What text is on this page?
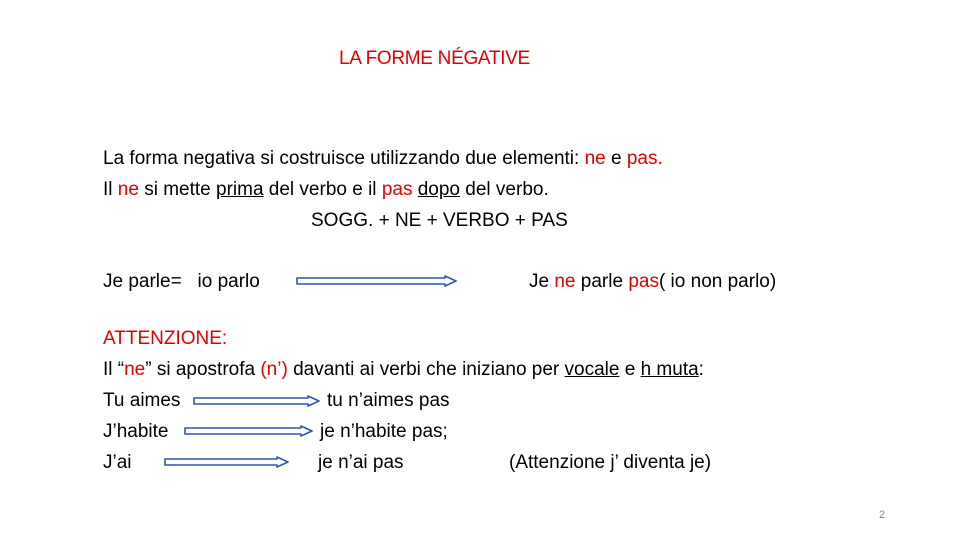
LA FORME NÉGATIVE
La forma negativa si costruisce utilizzando due elementi: ne e pas.
Il ne si mette prima del verbo e il pas dopo del verbo.
SOGG. + NE + VERBO + PAS
Je parle=   io parlo	Je ne parle pas( io non parlo)
ATTENZIONE:
Il “ne” si apostrofa (n’) davanti ai verbi che iniziano per vocale e h muta:
Tu aimes	tu n’aimes pas
J’habite	je n’habite pas;
J’ai	je n’ai pas	(Attenzione j’ diventa je)
2
